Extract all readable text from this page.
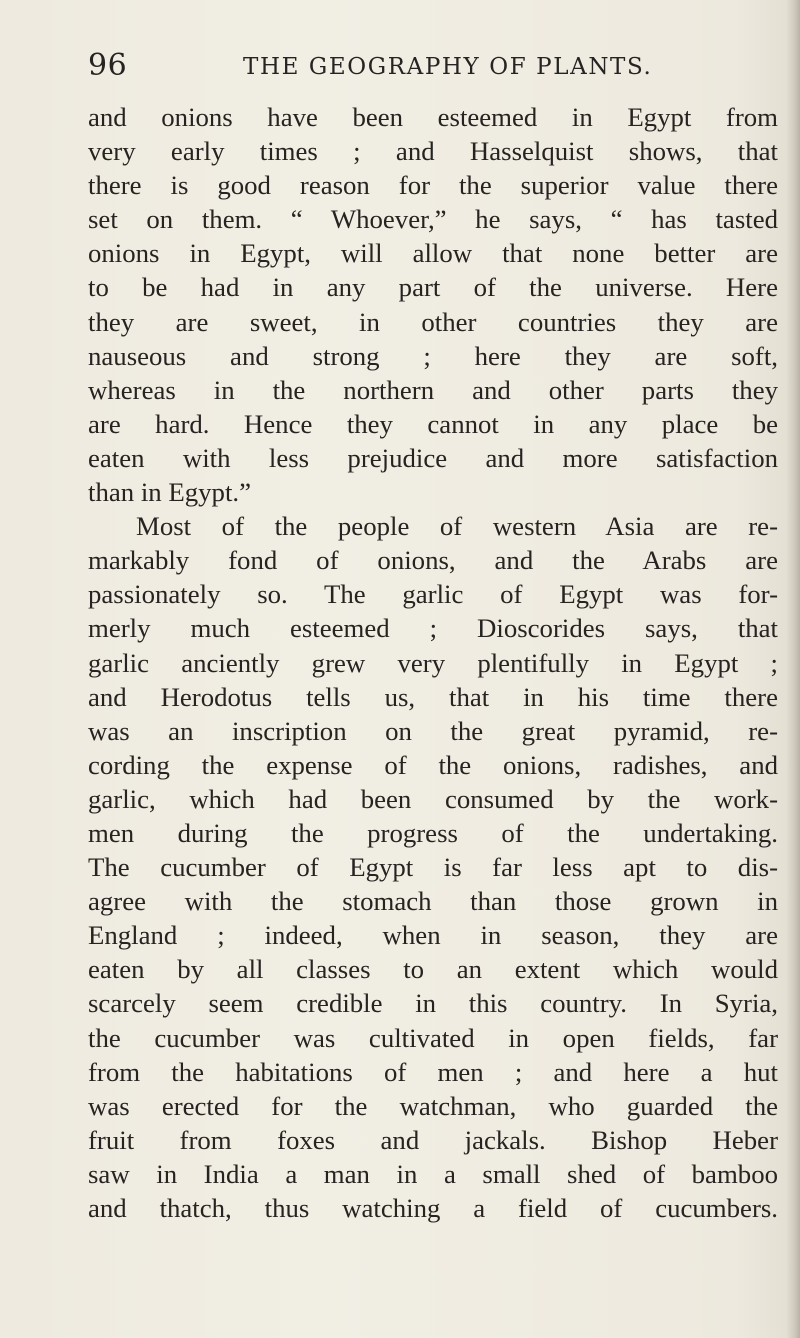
96	THE GEOGRAPHY OF PLANTS.
and onions have been esteemed in Egypt from
very early times ; and Hasselquist shows, that
there is good reason for the superior value there
set on them. “ Whoever,” he says, “ has tasted
onions in Egypt, will allow that none better are
to be had in any part of the universe. Here
they are sweet, in other countries they are
nauseous and strong ; here they are soft,
whereas in the northern and other parts they
are hard. Hence they cannot in any place be
eaten with less prejudice and more satisfaction
than in Egypt.”
Most of the people of western Asia are re-
markably fond of onions, and the Arabs are
passionately so. The garlic of Egypt was for-
merly much esteemed ; Dioscorides says, that
garlic anciently grew very plentifully in Egypt ;
and Herodotus tells us, that in his time there
was an inscription on the great pyramid, re-
cording the expense of the onions, radishes, and
garlic, which had been consumed by the work-
men during the progress of the undertaking.
The cucumber of Egypt is far less apt to dis-
agree with the stomach than those grown in
England ; indeed, when in season, they are
eaten by all classes to an extent which would
scarcely seem credible in this country. In Syria,
the cucumber was cultivated in open fields, far
from the habitations of men ; and here a hut
was erected for the watchman, who guarded the
fruit from foxes and jackals. Bishop Heber
saw in India a man in a small shed of bamboo
and thatch, thus watching a field of cucumbers.
